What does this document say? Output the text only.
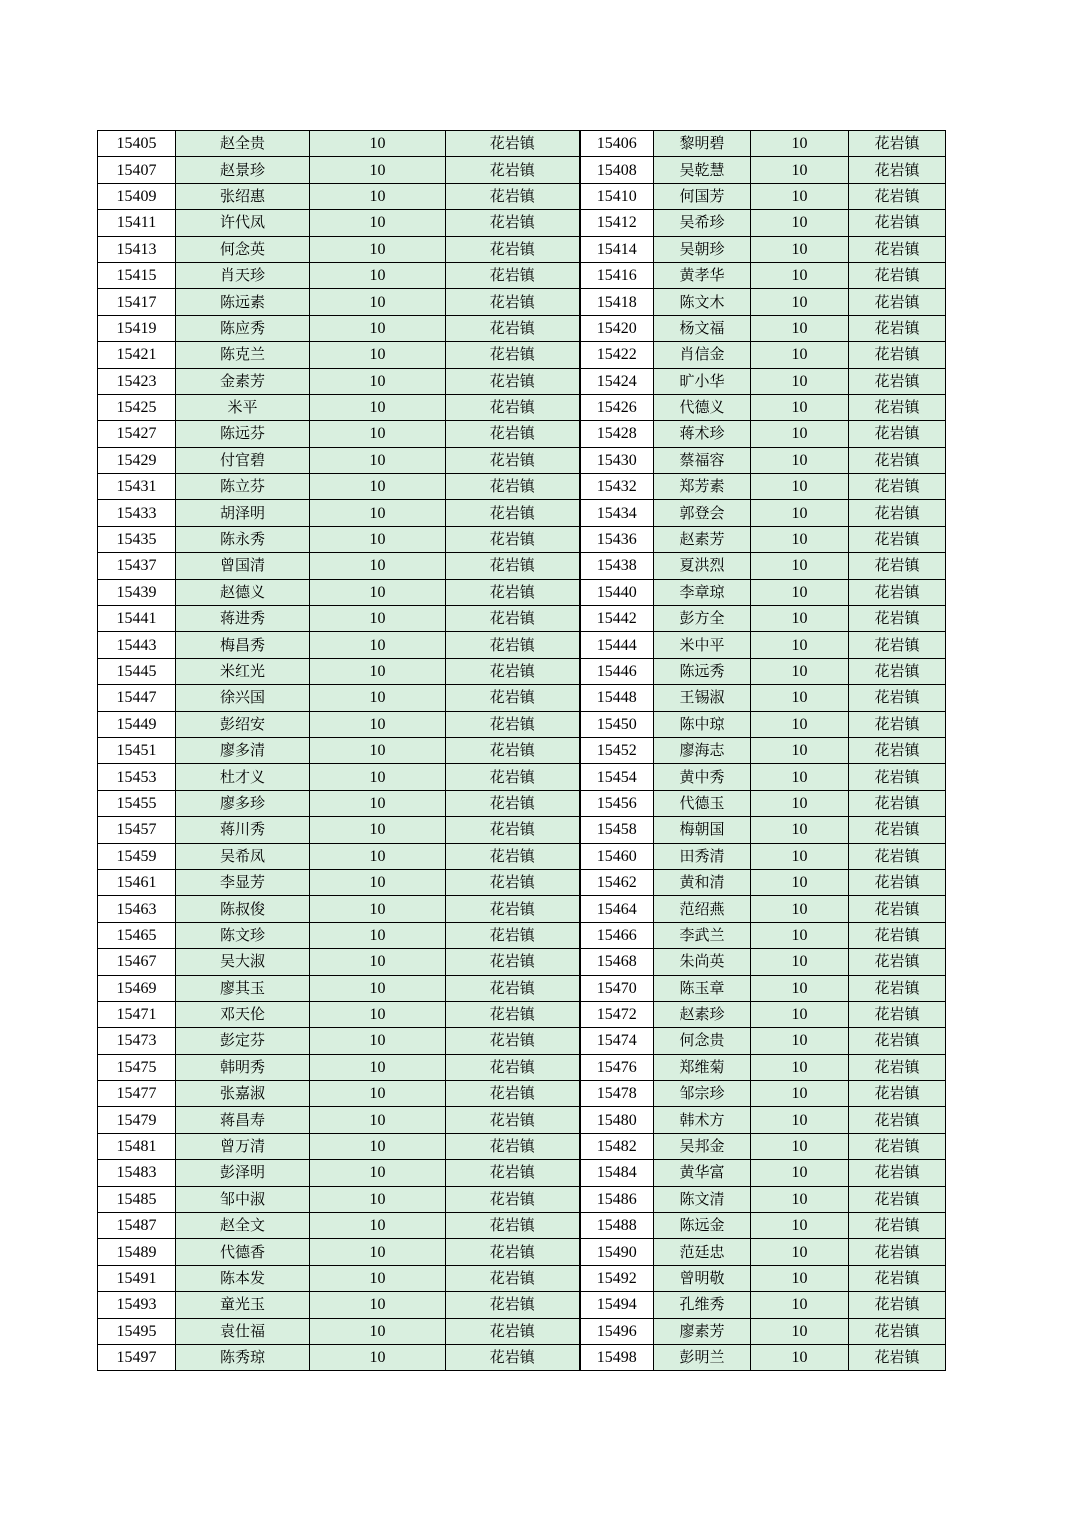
15405	赵全贵	10	花岩镇	15406	黎明碧	10	花岩镇
15407	赵景珍	10	花岩镇	15408	吴乾慧	10	花岩镇
15409	张绍惠	10	花岩镇	15410	何国芳	10	花岩镇
15411	许代凤	10	花岩镇	15412	吴希珍	10	花岩镇
15413	何念英	10	花岩镇	15414	吴朝珍	10	花岩镇
15415	肖天珍	10	花岩镇	15416	黄孝华	10	花岩镇
15417	陈远素	10	花岩镇	15418	陈文木	10	花岩镇
15419	陈应秀	10	花岩镇	15420	杨文福	10	花岩镇
15421	陈克兰	10	花岩镇	15422	肖信金	10	花岩镇
15423	金素芳	10	花岩镇	15424	旷小华	10	花岩镇
15425	米平	10	花岩镇	15426	代德义	10	花岩镇
15427	陈远芬	10	花岩镇	15428	蒋术珍	10	花岩镇
15429	付官碧	10	花岩镇	15430	蔡福容	10	花岩镇
15431	陈立芬	10	花岩镇	15432	郑芳素	10	花岩镇
15433	胡泽明	10	花岩镇	15434	郭登会	10	花岩镇
15435	陈永秀	10	花岩镇	15436	赵素芳	10	花岩镇
15437	曾国清	10	花岩镇	15438	夏洪烈	10	花岩镇
15439	赵德义	10	花岩镇	15440	李章琼	10	花岩镇
15441	蒋进秀	10	花岩镇	15442	彭方全	10	花岩镇
15443	梅昌秀	10	花岩镇	15444	米中平	10	花岩镇
15445	米红光	10	花岩镇	15446	陈远秀	10	花岩镇
15447	徐兴国	10	花岩镇	15448	王锡淑	10	花岩镇
15449	彭绍安	10	花岩镇	15450	陈中琼	10	花岩镇
15451	廖多清	10	花岩镇	15452	廖海志	10	花岩镇
15453	杜才义	10	花岩镇	15454	黄中秀	10	花岩镇
15455	廖多珍	10	花岩镇	15456	代德玉	10	花岩镇
15457	蒋川秀	10	花岩镇	15458	梅朝国	10	花岩镇
15459	吴希凤	10	花岩镇	15460	田秀清	10	花岩镇
15461	李显芳	10	花岩镇	15462	黄和清	10	花岩镇
15463	陈叔俊	10	花岩镇	15464	范绍燕	10	花岩镇
15465	陈文珍	10	花岩镇	15466	李武兰	10	花岩镇
15467	吴大淑	10	花岩镇	15468	朱尚英	10	花岩镇
15469	廖其玉	10	花岩镇	15470	陈玉章	10	花岩镇
15471	邓天伦	10	花岩镇	15472	赵素珍	10	花岩镇
15473	彭定芬	10	花岩镇	15474	何念贵	10	花岩镇
15475	韩明秀	10	花岩镇	15476	郑维菊	10	花岩镇
15477	张嘉淑	10	花岩镇	15478	邹宗珍	10	花岩镇
15479	蒋昌寿	10	花岩镇	15480	韩术方	10	花岩镇
15481	曾万清	10	花岩镇	15482	吴邦金	10	花岩镇
15483	彭泽明	10	花岩镇	15484	黄华富	10	花岩镇
15485	邹中淑	10	花岩镇	15486	陈文清	10	花岩镇
15487	赵全文	10	花岩镇	15488	陈远金	10	花岩镇
15489	代德香	10	花岩镇	15490	范廷忠	10	花岩镇
15491	陈本发	10	花岩镇	15492	曾明敬	10	花岩镇
15493	童光玉	10	花岩镇	15494	孔维秀	10	花岩镇
15495	袁仕福	10	花岩镇	15496	廖素芳	10	花岩镇
15497	陈秀琼	10	花岩镇	15498	彭明兰	10	花岩镇
